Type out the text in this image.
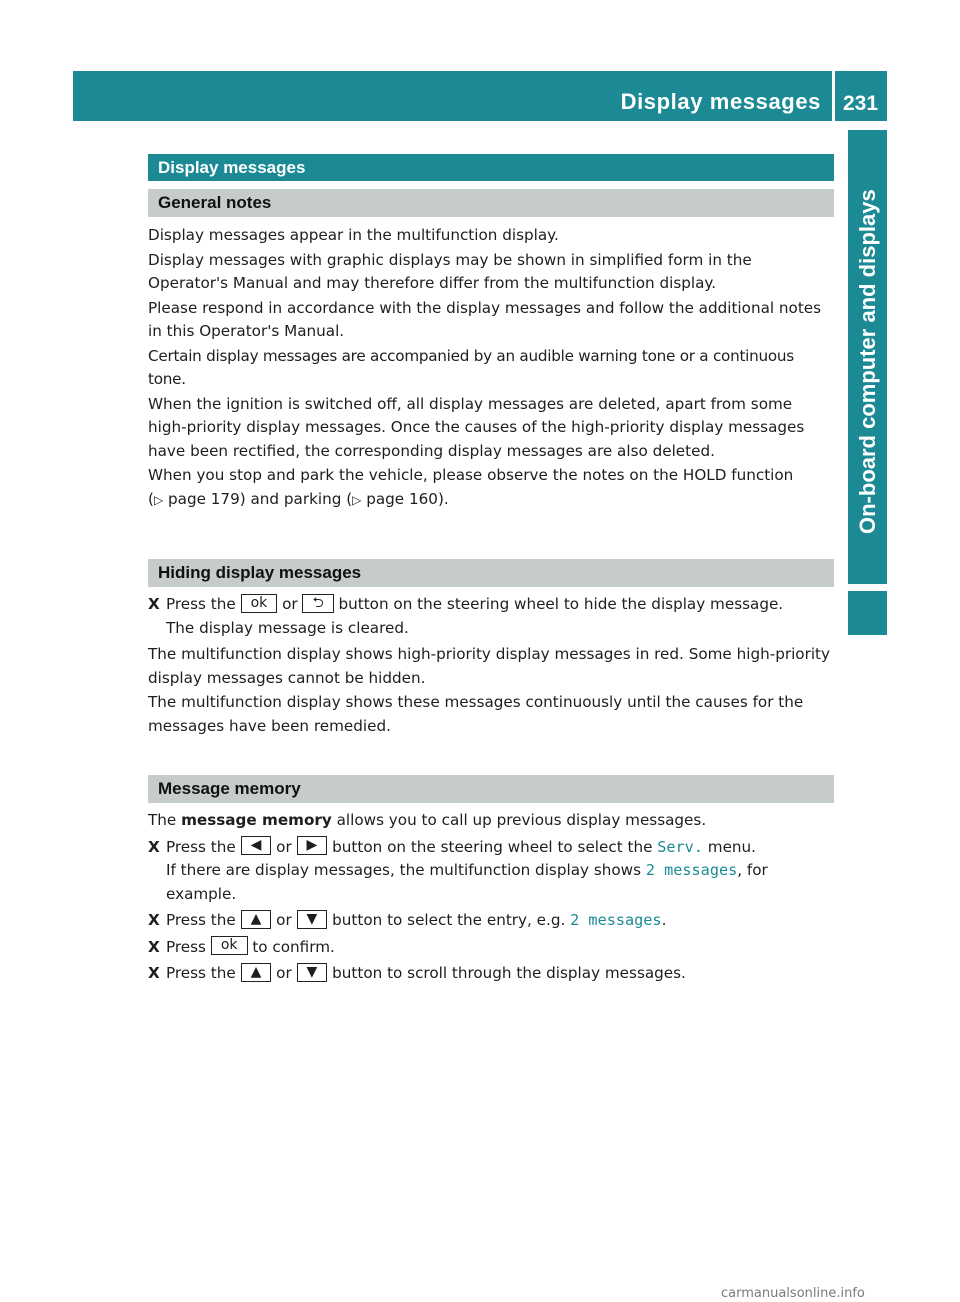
Display messages 231
On-board computer and displays
Display messages
General notes

Display messages appear in the multifunction display.

Display messages with graphic displays may be shown in simplified form in the Operator's Manual and may therefore differ from the multifunction display.

Please respond in accordance with the display messages and follow the additional notes in this Operator's Manual.

Certain display messages are accompanied by an audible warning tone or a continuous tone.

When the ignition is switched off, all display messages are deleted, apart from some high-priority display messages. Once the causes of the high-priority display messages have been rectified, the corresponding display messages are also deleted.

When you stop and park the vehicle, please observe the notes on the HOLD function
(▷ page 179) and parking (▷ page 160).

Hiding display messages
X Press the ok or ⮌ button on the steering wheel to hide the display message.
The display message is cleared.

The multifunction display shows high-priority display messages in red. Some high-priority display messages cannot be hidden.

The multifunction display shows these messages continuously until the causes for the messages have been remedied.

Message memory

The message memory allows you to call up previous display messages.

X Press the ◀ or ▶ button on the steering wheel to select the Serv. menu.
If there are display messages, the multifunction display shows 2 messages, for example.
X Press the ▲ or ▼ button to select the entry, e.g. 2 messages.
X Press ok to confirm.
X Press the ▲ or ▼ button to scroll through the display messages.
carmanualsonline.info
